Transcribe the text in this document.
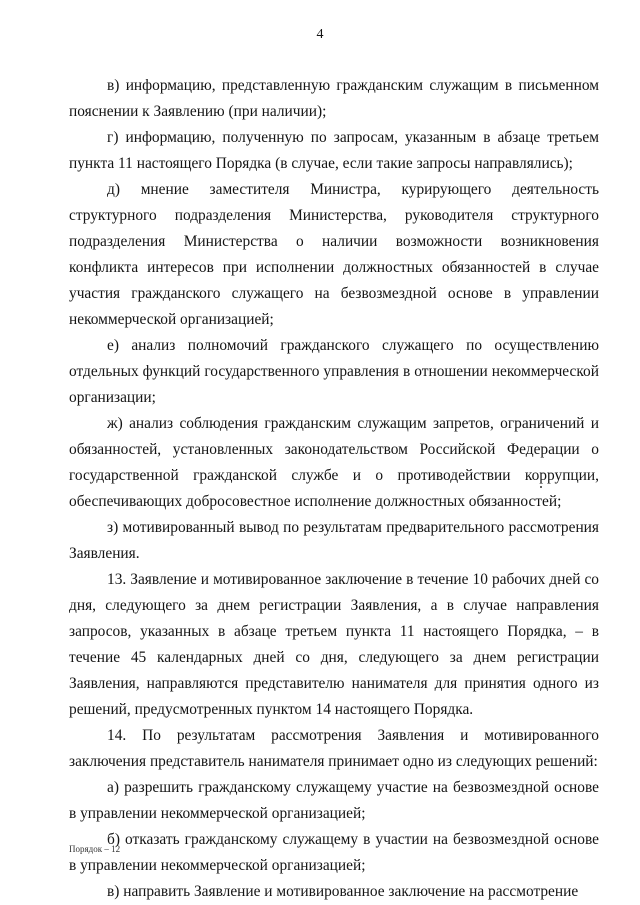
4

в) информацию, представленную гражданским служащим в письменном пояснении к Заявлению (при наличии);

г) информацию, полученную по запросам, указанным в абзаце третьем пункта 11 настоящего Порядка (в случае, если такие запросы направлялись);

д) мнение заместителя Министра, курирующего деятельность структурного подразделения Министерства, руководителя структурного подразделения Министерства о наличии возможности возникновения конфликта интересов при исполнении должностных обязанностей в случае участия гражданского служащего на безвозмездной основе в управлении некоммерческой организацией;

е) анализ полномочий гражданского служащего по осуществлению отдельных функций государственного управления в отношении некоммерческой организации;

ж) анализ соблюдения гражданским служащим запретов, ограничений и обязанностей, установленных законодательством Российской Федерации о государственной гражданской службе и о противодействии коррупции, обеспечивающих добросовестное исполнение должностных обязанностей;

з) мотивированный вывод по результатам предварительного рассмотрения Заявления.

13. Заявление и мотивированное заключение в течение 10 рабочих дней со дня, следующего за днем регистрации Заявления, а в случае направления запросов, указанных в абзаце третьем пункта 11 настоящего Порядка, – в течение 45 календарных дней со дня, следующего за днем регистрации Заявления, направляются представителю нанимателя для принятия одного из решений, предусмотренных пунктом 14 настоящего Порядка.

14. По результатам рассмотрения Заявления и мотивированного заключения представитель нанимателя принимает одно из следующих решений:

а) разрешить гражданскому служащему участие на безвозмездной основе в управлении некоммерческой организацией;

б) отказать гражданскому служащему в участии на безвозмездной основе в управлении некоммерческой организацией;

в) направить Заявление и мотивированное заключение на рассмотрение

Порядок – 12
